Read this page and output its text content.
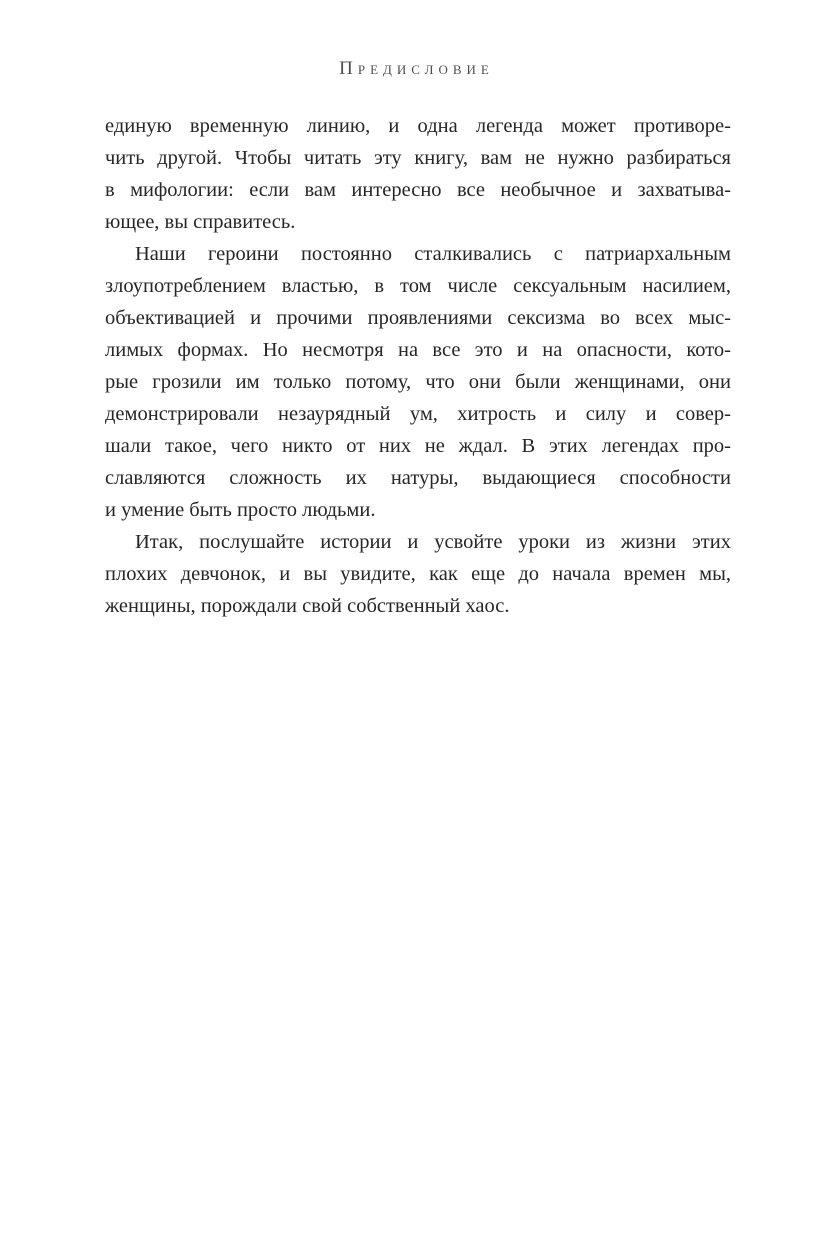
Предисловие
единую временную линию, и одна легенда может противоре-
чить другой. Чтобы читать эту книгу, вам не нужно разбираться
в мифологии: если вам интересно все необычное и захватыва-
ющее, вы справитесь.
Наши героини постоянно сталкивались с патриархальным
злоупотреблением властью, в том числе сексуальным насилием,
объективацией и прочими проявлениями сексизма во всех мыс-
лимых формах. Но несмотря на все это и на опасности, кото-
рые грозили им только потому, что они были женщинами, они
демонстрировали незаурядный ум, хитрость и силу и совер-
шали такое, чего никто от них не ждал. В этих легендах про-
славляются сложность их натуры, выдающиеся способности
и умение быть просто людьми.
Итак, послушайте истории и усвойте уроки из жизни этих
плохих девчонок, и вы увидите, как еще до начала времен мы,
женщины, порождали свой собственный хаос.
